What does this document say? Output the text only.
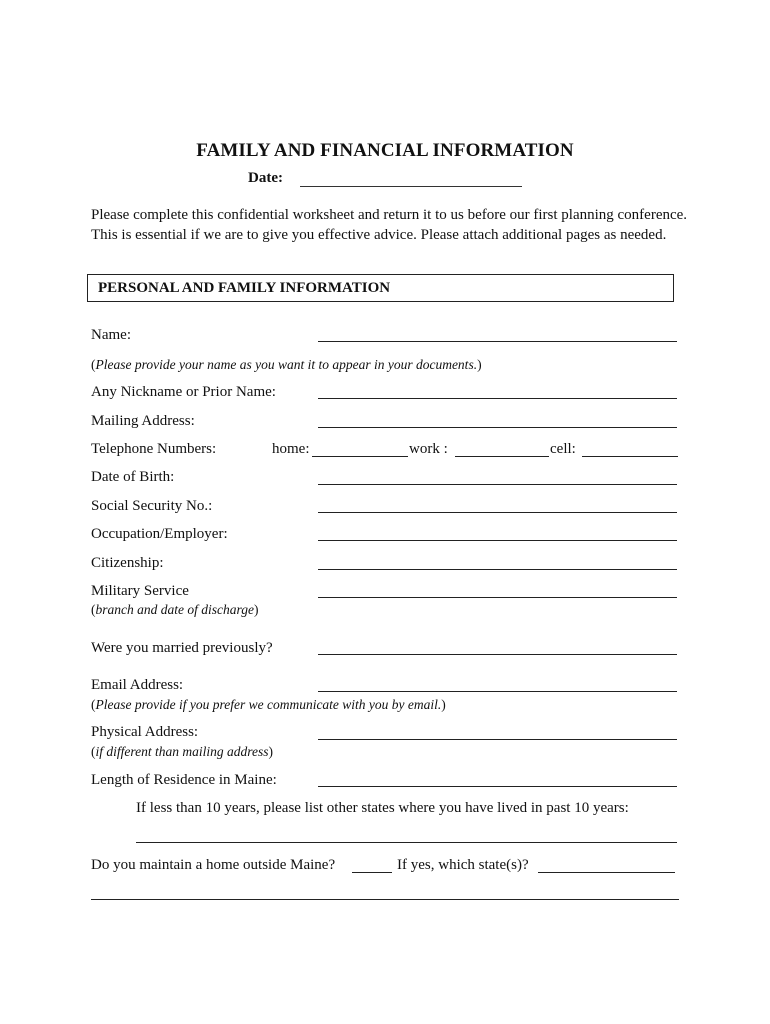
FAMILY AND FINANCIAL INFORMATION
Date:
Please complete this confidential worksheet and return it to us before our first planning conference. This is essential if we are to give you effective advice. Please attach additional pages as needed.
PERSONAL AND FAMILY INFORMATION
Name:
(Please provide your name as you want it to appear in your documents.)
Any Nickname or Prior Name:
Mailing Address:
Telephone Numbers:	home:	work :	cell:
Date of Birth:
Social Security No.:
Occupation/Employer:
Citizenship:
Military Service
(branch and date of discharge)
Were you married previously?
Email Address:
(Please provide if you prefer we communicate with you by email.)
Physical Address:
(if different than mailing address)
Length of Residence in Maine:
If less than 10 years, please list other states where you have lived in past 10 years:
Do you maintain a home outside Maine?	If yes, which state(s)?
